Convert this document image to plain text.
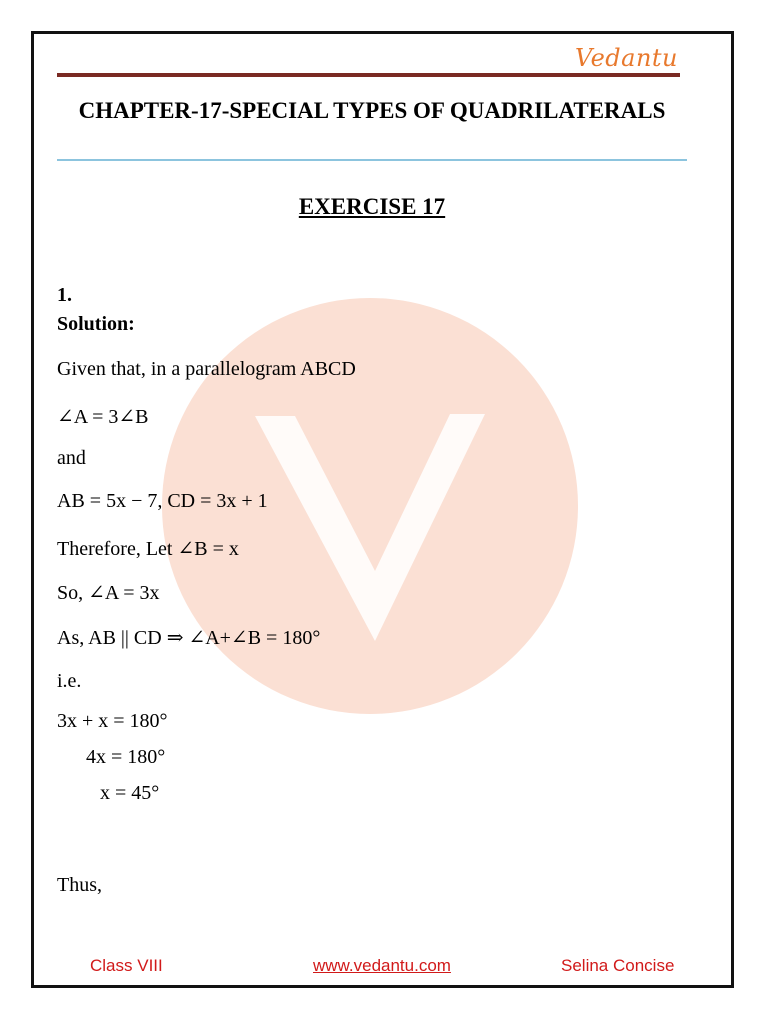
Vedantu
CHAPTER-17-SPECIAL TYPES OF QUADRILATERALS
EXERCISE 17
1.
Solution:
Given that, in a parallelogram ABCD
∠A = 3∠B
and
AB = 5x − 7, CD = 3x + 1
Therefore, Let ∠B = x
So, ∠A = 3x
As, AB || CD ⇒ ∠A+∠B = 180°
i.e.
3x + x = 180°
4x = 180°
x = 45°
Thus,
Class VIII	www.vedantu.com	Selina Concise
